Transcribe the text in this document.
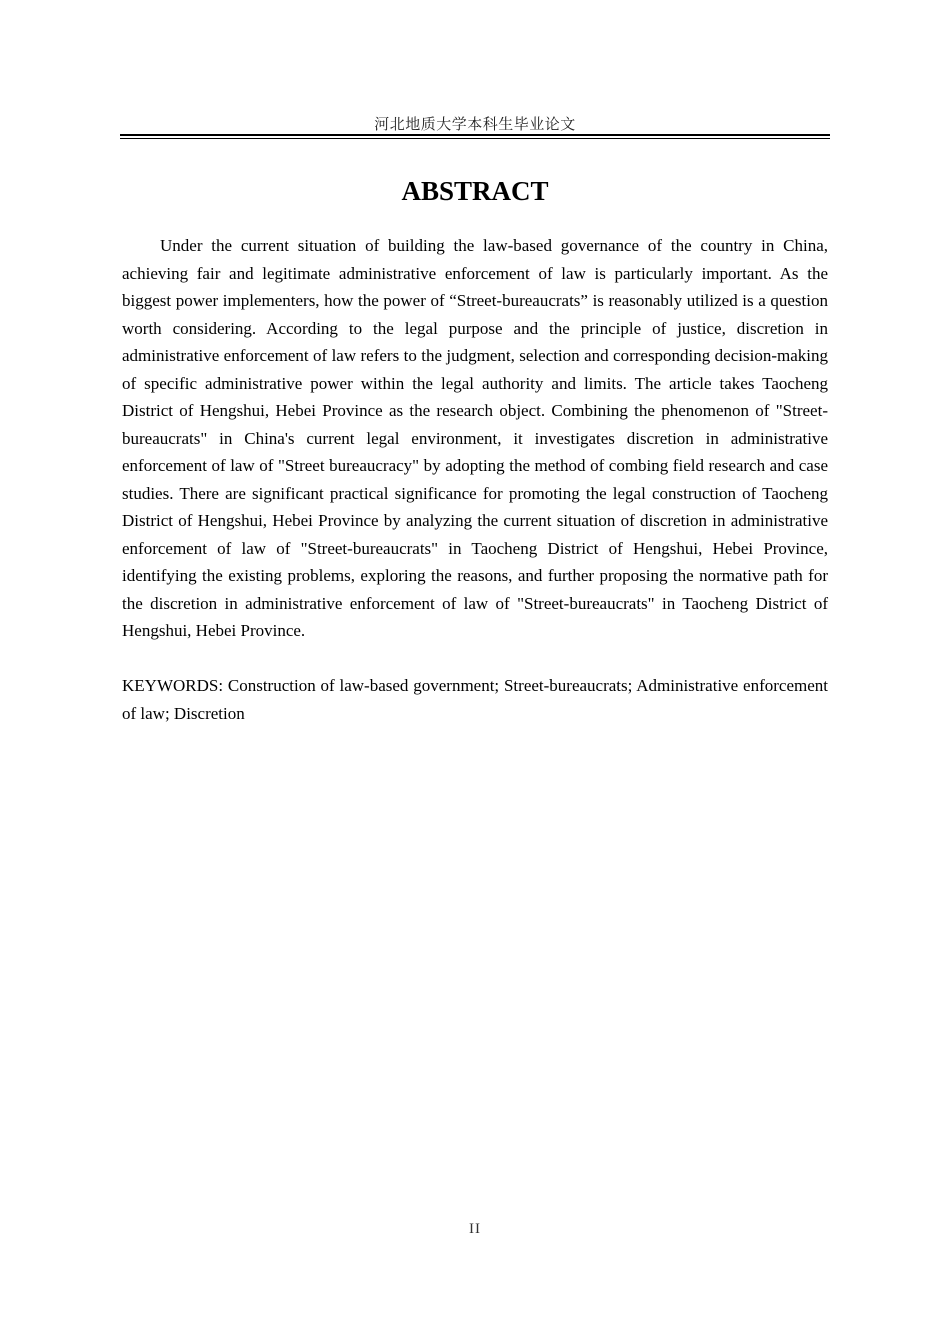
河北地质大学本科生毕业论文
ABSTRACT

Under the current situation of building the law-based governance of the country in China, achieving fair and legitimate administrative enforcement of law is particularly important. As the biggest power implementers, how the power of “Street-bureaucrats” is reasonably utilized is a question worth considering. According to the legal purpose and the principle of justice, discretion in administrative enforcement of law refers to the judgment, selection and corresponding decision-making of specific administrative power within the legal authority and limits. The article takes Taocheng District of Hengshui, Hebei Province as the research object. Combining the phenomenon of "Street-bureaucrats" in China's current legal environment, it investigates discretion in administrative enforcement of law of "Street bureaucracy" by adopting the method of combing field research and case studies. There are significant practical significance for promoting the legal construction of Taocheng District of Hengshui, Hebei Province by analyzing the current situation of discretion in administrative enforcement of law of "Street-bureaucrats" in Taocheng District of Hengshui, Hebei Province, identifying the existing problems, exploring the reasons, and further proposing the normative path for the discretion in administrative enforcement of law of "Street-bureaucrats" in Taocheng District of Hengshui, Hebei Province.

KEYWORDS: Construction of law-based government; Street-bureaucrats; Administrative enforcement of law; Discretion
II
